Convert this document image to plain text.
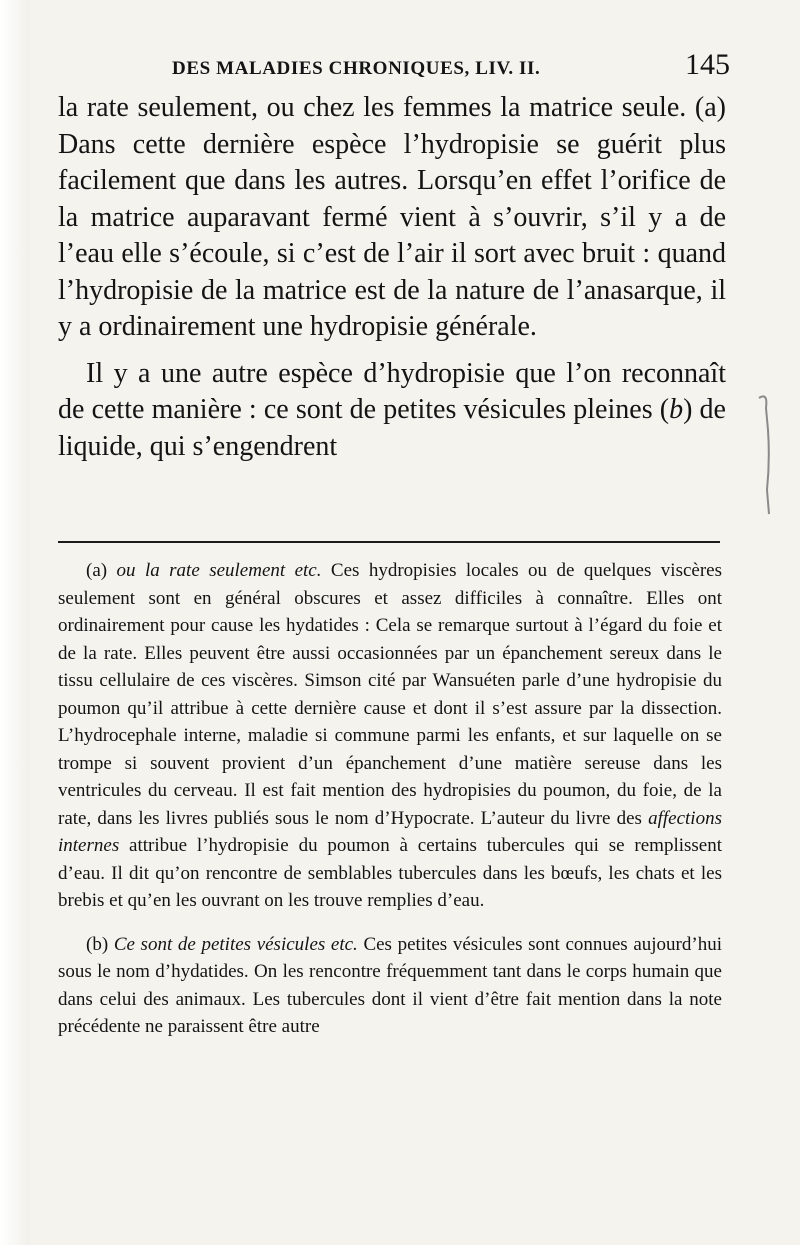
DES MALADIES CHRONIQUES, LIV. II.	145

la rate seulement, ou chez les femmes la matrice seule. (a) Dans cette dernière espèce l’hydropisie se guérit plus facilement que dans les autres. Lorsqu’en effet l’orifice de la matrice auparavant fermé vient à s’ouvrir, s’il y a de l’eau elle s’écoule, si c’est de l’air il sort avec bruit : quand l’hydropisie de la matrice est de la nature de l’anasarque, il y a ordinairement une hydropisie générale.

Il y a une autre espèce d’hydropisie que l’on reconnaît de cette manière : ce sont de petites vésicules pleines (b) de liquide, qui s’engendrent

(a) ou la rate seulement etc. Ces hydropisies locales ou de quelques viscères seulement sont en général obscures et assez difficiles à connaître. Elles ont ordinairement pour cause les hydatides : Cela se remarque surtout à l’égard du foie et de la rate. Elles peuvent être aussi occasionnées par un épanchement sereux dans le tissu cellulaire de ces viscères. Simson cité par Wansuéten parle d’une hydropisie du poumon qu’il attribue à cette dernière cause et dont il s’est assure par la dissection. L’hydrocephale interne, maladie si commune parmi les enfants, et sur laquelle on se trompe si souvent provient d’un épanchement d’une matière sereuse dans les ventricules du cerveau. Il est fait mention des hydropisies du poumon, du foie, de la rate, dans les livres publiés sous le nom d’Hypocrate. L’auteur du livre des affections internes attribue l’hydropisie du poumon à certains tubercules qui se remplissent d’eau. Il dit qu’on rencontre de semblables tubercules dans les bœufs, les chats et les brebis et qu’en les ouvrant on les trouve remplies d’eau.

(b) Ce sont de petites vésicules etc. Ces petites vésicules sont connues aujourd’hui sous le nom d’hydatides. On les rencontre fréquemment tant dans le corps humain que dans celui des animaux. Les tubercules dont il vient d’être fait mention dans la note précédente ne paraissent être autre
